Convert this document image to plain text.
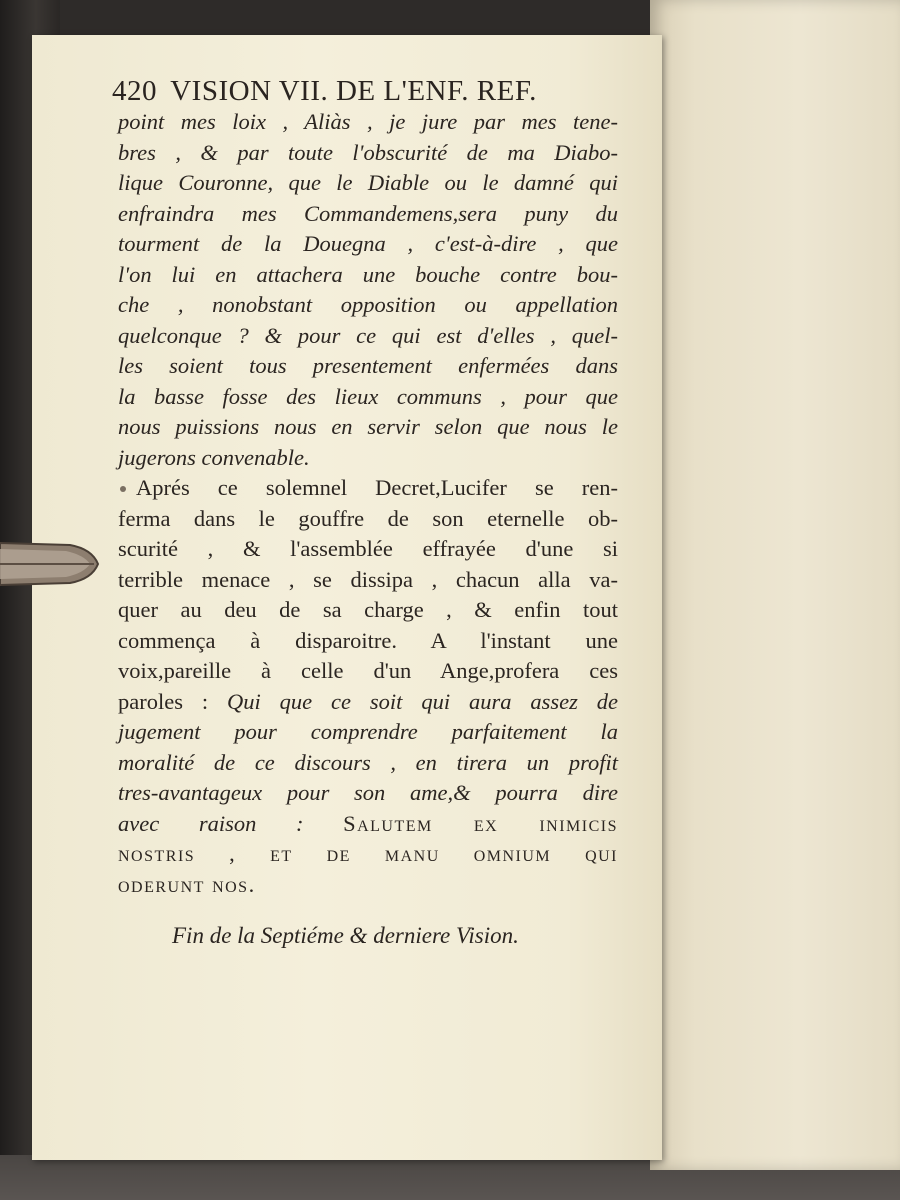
420 VISION VII. DE L'ENF. REF.
point mes loix , Aliàs , je jure par mes tene-
bres , & par toute l'obscurité de ma Diabo-
lique Couronne, que le Diable ou le damné qui
enfraindra mes Commandemens,sera puny du
tourment de la Douegna , c'est-à-dire , que
l'on lui en attachera une bouche contre bou-
che , nonobstant opposition ou appellation
quelconque ? & pour ce qui est d'elles , quel-
les soient tous presentement enfermées dans
la basse fosse des lieux communs , pour que
nous puissions nous en servir selon que nous le
jugerons convenable.
Aprés ce solemnel Decret,Lucifer se ren-
ferma dans le gouffre de son eternelle ob-
scurité , & l'assemblée effrayée d'une si
terrible menace , se dissipa , chacun alla va-
quer au deu de sa charge , & enfin tout
commença à disparoitre. A l'instant une
voix,pareille à celle d'un Ange,profera ces
paroles : Qui que ce soit qui aura assez de
jugement pour comprendre parfaitement la
moralité de ce discours , en tirera un profit
tres-avantageux pour son ame,& pourra dire
avec raison : Salutem ex inimicis
nostris , et de manu omnium qui
oderunt nos.
Fin de la Septiéme & derniere Vision.
